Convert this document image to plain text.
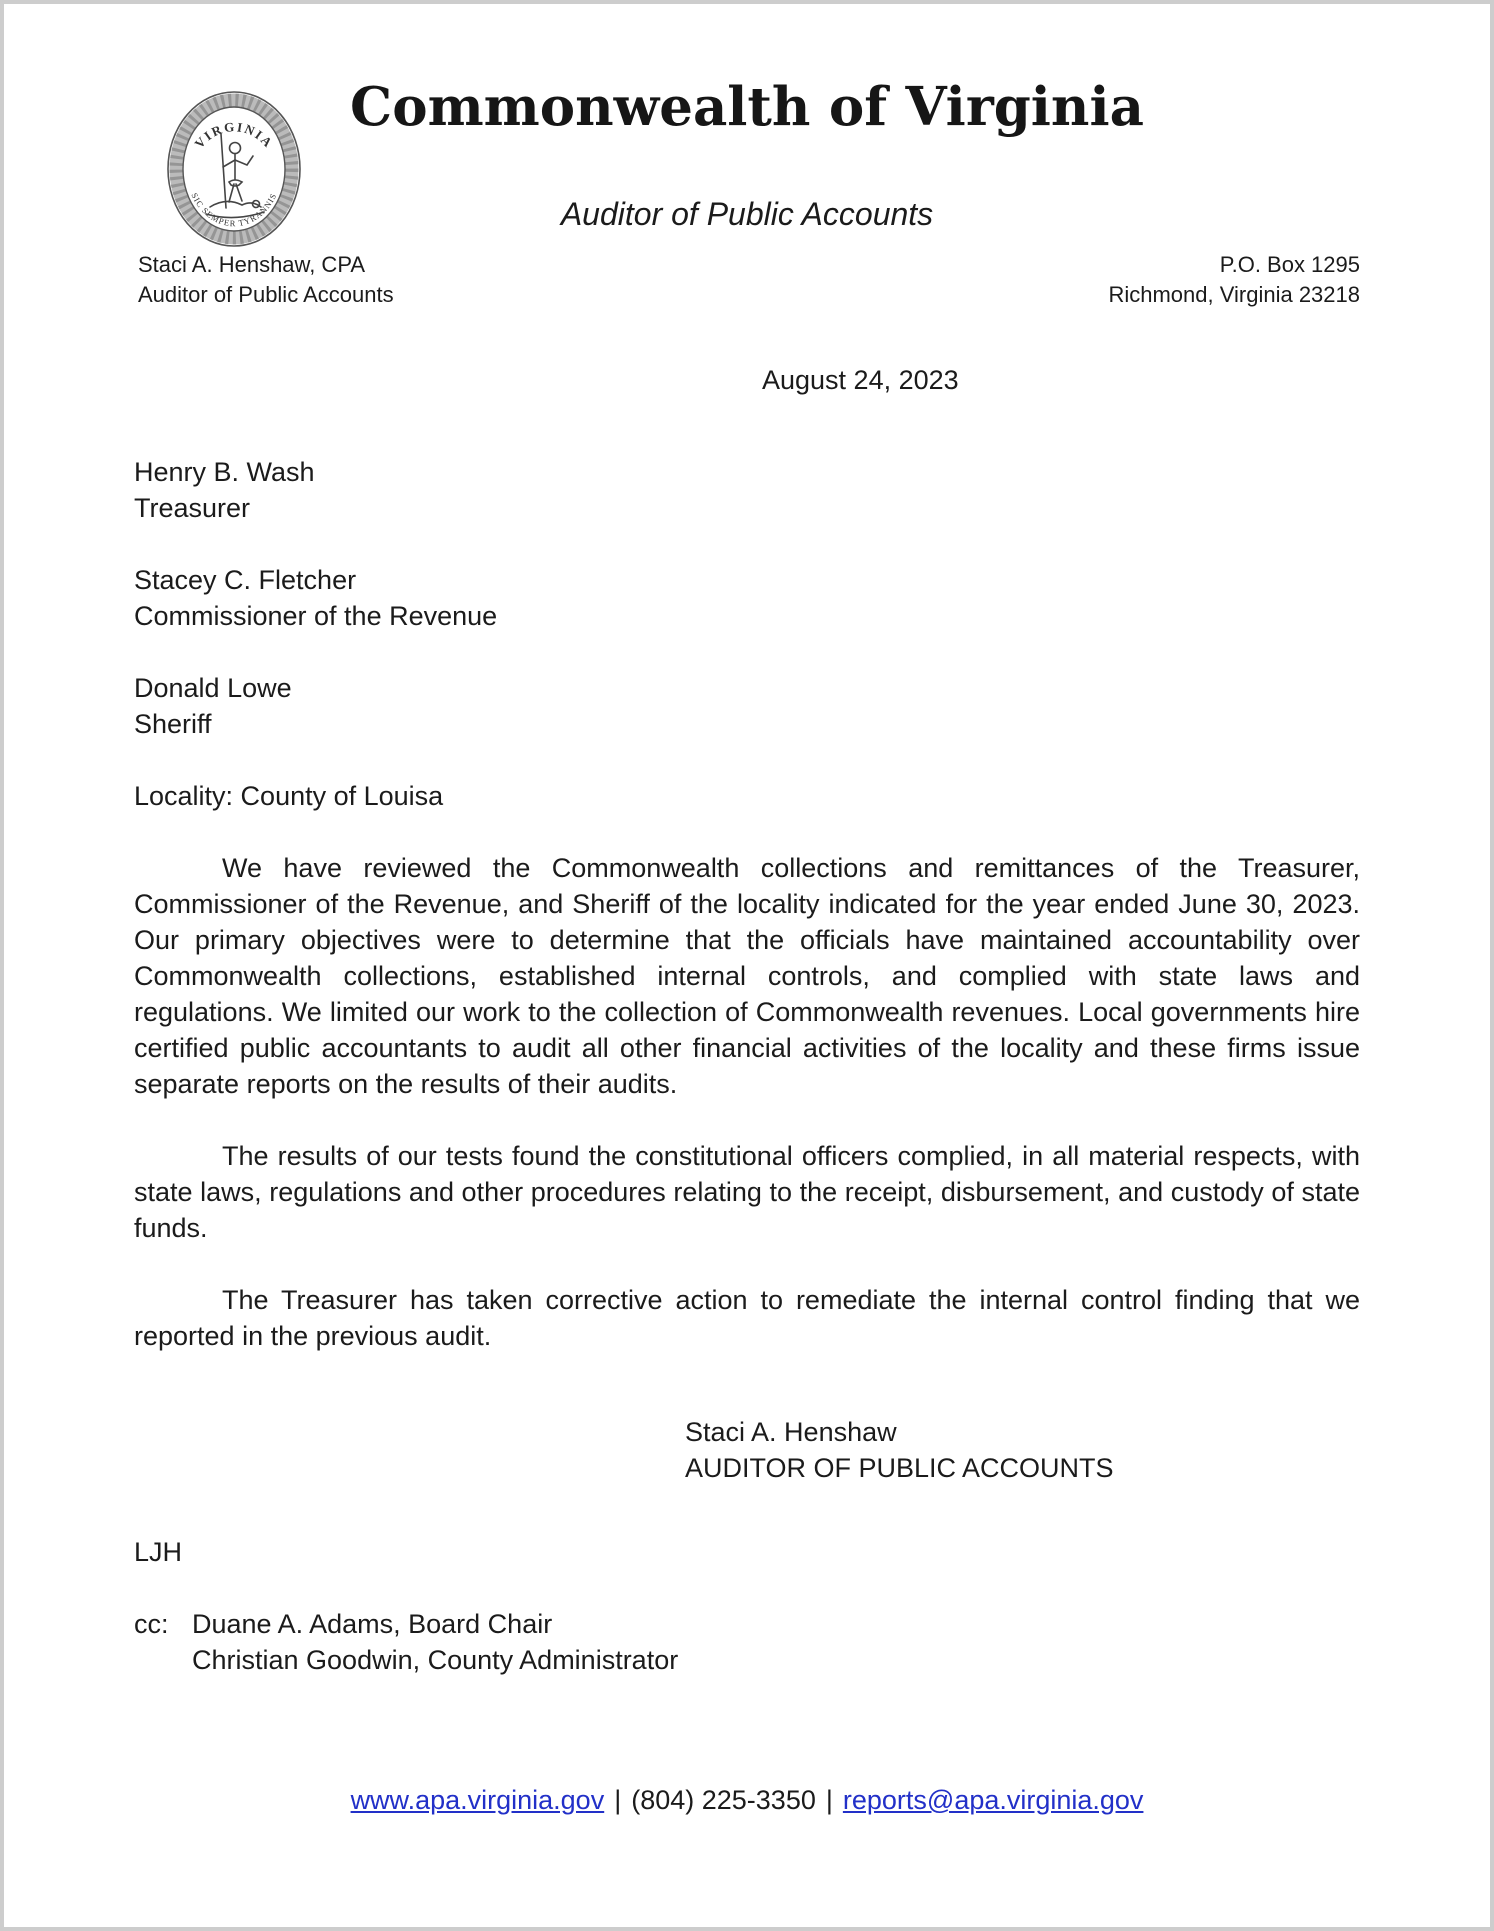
VIRGINIA
SIC SEMPER TYRANNIS
Commonwealth of Virginia
Auditor of Public Accounts
Staci A. Henshaw, CPA
Auditor of Public Accounts
P.O. Box 1295
Richmond, Virginia 23218
August 24, 2023
Henry B. Wash
Treasurer
Stacey C. Fletcher
Commissioner of the Revenue
Donald Lowe
Sheriff
Locality: County of Louisa

We have reviewed the Commonwealth collections and remittances of the Treasurer, Commissioner of the Revenue, and Sheriff of the locality indicated for the year ended June 30, 2023. Our primary objectives were to determine that the officials have maintained accountability over Commonwealth collections, established internal controls, and complied with state laws and regulations. We limited our work to the collection of Commonwealth revenues. Local governments hire certified public accountants to audit all other financial activities of the locality and these firms issue separate reports on the results of their audits.

The results of our tests found the constitutional officers complied, in all material respects, with state laws, regulations and other procedures relating to the receipt, disbursement, and custody of state funds.

The Treasurer has taken corrective action to remediate the internal control finding that we reported in the previous audit.

Staci A. Henshaw
AUDITOR OF PUBLIC ACCOUNTS
LJH
cc: Duane A. Adams, Board Chair
Christian Goodwin, County Administrator
www.apa.virginia.gov | (804) 225-3350 | reports@apa.virginia.gov
